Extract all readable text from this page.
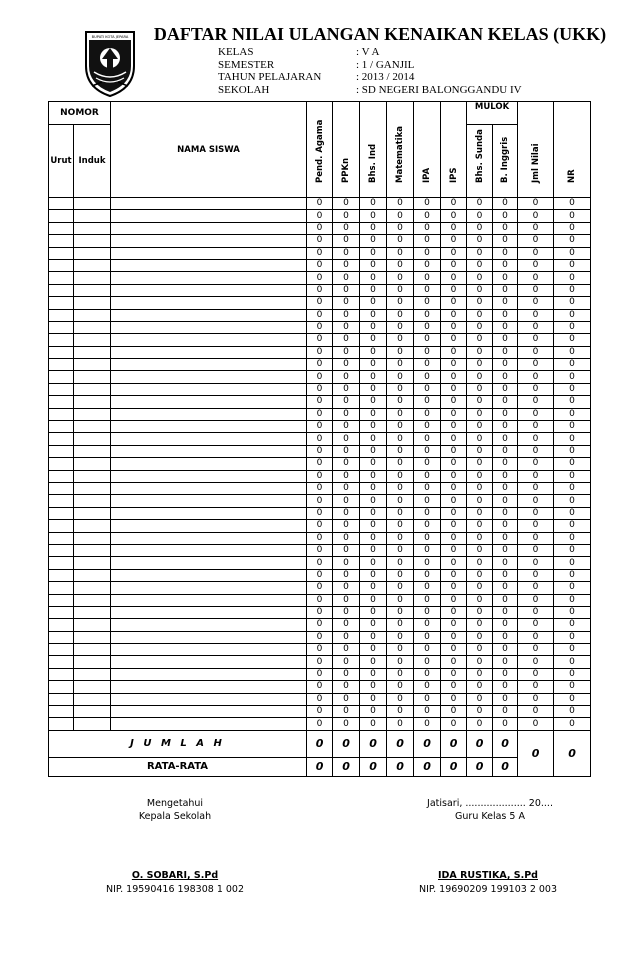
BUPATI KOTA JEPARA DAFTAR NILAI ULANGAN KENAIKAN KELAS (UKK)
KELAS	: V A
SEMESTER	: 1 / GANJIL
TAHUN PELAJARAN	: 2013 / 2014
SEKOLAH	: SD NEGERI BALONGGANDU IV
NOMOR		NAMA SISWA	Pend. Agama	PPKn	Bhs. Ind	Matematika	IPA	IPS	MULOK		Jml Nilai	NR

Urut	Induk								Bhs. Sunda	B. Inggris		

			0	0	0	0	0	0	0	0	0	0
			0	0	0	0	0	0	0	0	0	0
			0	0	0	0	0	0	0	0	0	0
			0	0	0	0	0	0	0	0	0	0
			0	0	0	0	0	0	0	0	0	0
			0	0	0	0	0	0	0	0	0	0
			0	0	0	0	0	0	0	0	0	0
			0	0	0	0	0	0	0	0	0	0
			0	0	0	0	0	0	0	0	0	0
			0	0	0	0	0	0	0	0	0	0
			0	0	0	0	0	0	0	0	0	0
			0	0	0	0	0	0	0	0	0	0
			0	0	0	0	0	0	0	0	0	0
			0	0	0	0	0	0	0	0	0	0
			0	0	0	0	0	0	0	0	0	0
			0	0	0	0	0	0	0	0	0	0
			0	0	0	0	0	0	0	0	0	0
			0	0	0	0	0	0	0	0	0	0
			0	0	0	0	0	0	0	0	0	0
			0	0	0	0	0	0	0	0	0	0
			0	0	0	0	0	0	0	0	0	0
			0	0	0	0	0	0	0	0	0	0
			0	0	0	0	0	0	0	0	0	0
			0	0	0	0	0	0	0	0	0	0
			0	0	0	0	0	0	0	0	0	0
			0	0	0	0	0	0	0	0	0	0
			0	0	0	0	0	0	0	0	0	0
			0	0	0	0	0	0	0	0	0	0
			0	0	0	0	0	0	0	0	0	0
			0	0	0	0	0	0	0	0	0	0
			0	0	0	0	0	0	0	0	0	0
			0	0	0	0	0	0	0	0	0	0
			0	0	0	0	0	0	0	0	0	0
			0	0	0	0	0	0	0	0	0	0
			0	0	0	0	0	0	0	0	0	0
			0	0	0	0	0	0	0	0	0	0
			0	0	0	0	0	0	0	0	0	0
			0	0	0	0	0	0	0	0	0	0
			0	0	0	0	0	0	0	0	0	0
			0	0	0	0	0	0	0	0	0	0
			0	0	0	0	0	0	0	0	0	0
			0	0	0	0	0	0	0	0	0	0
			0	0	0	0	0	0	0	0	0	0
J U M L A H			0	0	0	0	0	0	0	0	0	0
RATA-RATA			0	0	0	0	0	0	0	0		
Mengetahui
Kepala Sekolah
O. SOBARI, S.Pd
NIP. 19590416 198308 1 002
Jatisari, .................... 20....
Guru Kelas 5 A
IDA RUSTIKA, S.Pd
NIP. 19690209 199103 2 003
